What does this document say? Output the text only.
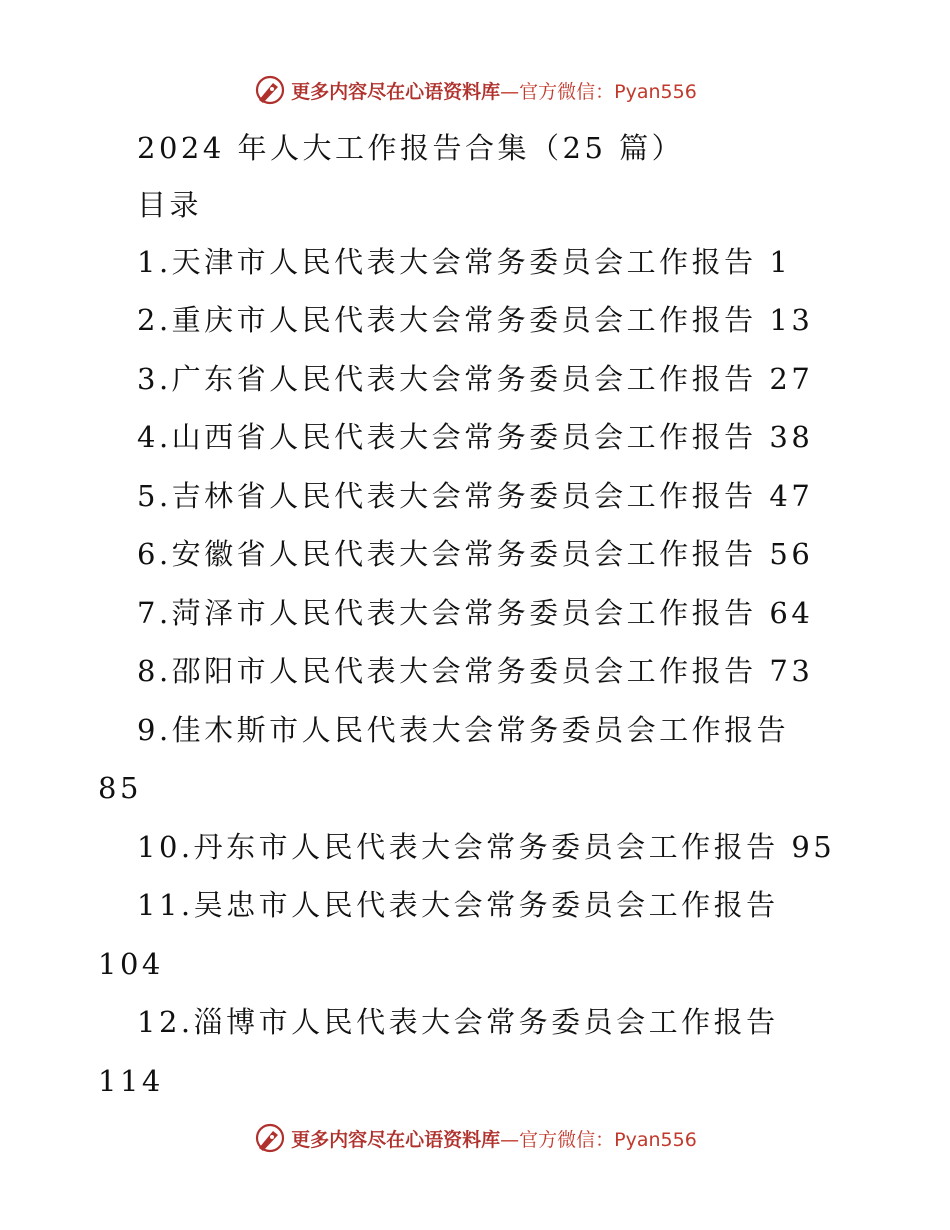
更多内容尽在心语资料库 —官方微信：Pyan556
2024 年人大工作报告合集（25 篇）
目录
1.天津市人民代表大会常务委员会工作报告 1
2.重庆市人民代表大会常务委员会工作报告 13
3.广东省人民代表大会常务委员会工作报告 27
4.山西省人民代表大会常务委员会工作报告 38
5.吉林省人民代表大会常务委员会工作报告 47
6.安徽省人民代表大会常务委员会工作报告 56
7.菏泽市人民代表大会常务委员会工作报告 64
8.邵阳市人民代表大会常务委员会工作报告 73
9.佳木斯市人民代表大会常务委员会工作报告
85
10.丹东市人民代表大会常务委员会工作报告 95
11.吴忠市人民代表大会常务委员会工作报告
104
12.淄博市人民代表大会常务委员会工作报告
114
更多内容尽在心语资料库 —官方微信：Pyan556
